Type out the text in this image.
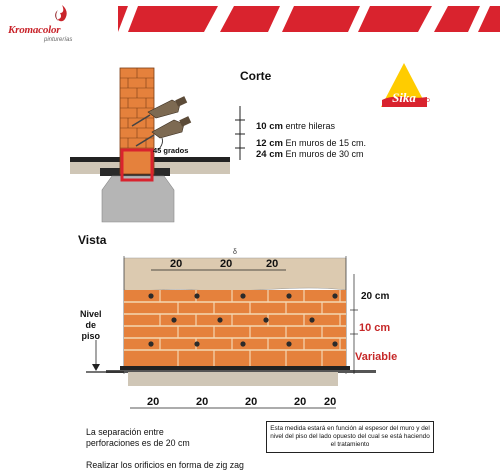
Kromacolor
pinturerías
Sika
Corte
45 grados
10 cm entre hileras
12 cm En muros de 15 cm.
24 cm En muros de 30 cm
Vista
δ
20	20	20
20	20	20	20 20
20 cm
10 cm
Variable
Nivel
de
piso
La separación entre
perforaciones es de 20 cm
Realizar los orificios en forma de zig zag
Esta medida estará en función al espesor del muro y del nivel del piso del lado opuesto del cual se está haciendo el tratamiento
